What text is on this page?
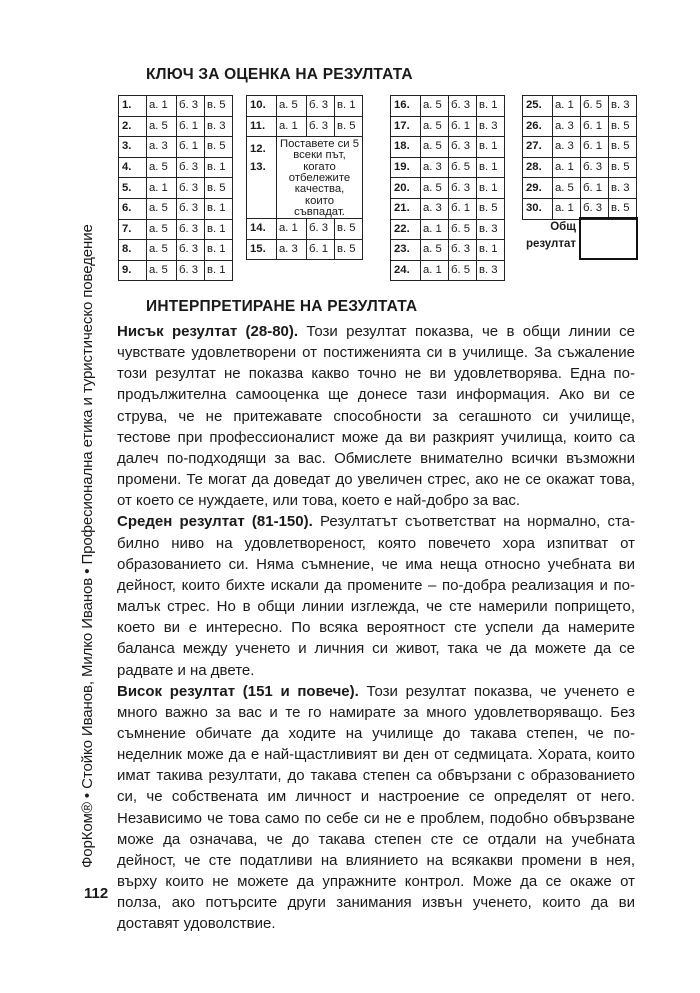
КЛЮЧ ЗА ОЦЕНКА НА РЕЗУЛТАТА
1.	а. 1	б. 3	в. 5
2.	а. 5	б. 1	в. 3
3.	а. 3	б. 1	в. 5
4.	а. 5	б. 3	в. 1
5.	а. 1	б. 3	в. 5
6.	а. 5	б. 3	в. 1
7.	а. 5	б. 3	в. 1
8.	а. 5	б. 3	в. 1
9.	а. 5	б. 3	в. 1
10.	а. 5	б. 3	в. 1	
11.	а. 1	б. 3	в. 5	

12.
13.	Поставете си 5 всеки път, когато отбележите качества, които съвпадат.			

14.	а. 1	б. 3	в. 5	
15.	а. 3	б. 1	в. 5	
16.	а. 5	б. 3	в. 1
17.	а. 5	б. 1	в. 3
18.	а. 5	б. 3	в. 1
19.	а. 3	б. 5	в. 1
20.	а. 5	б. 3	в. 1
21.	а. 3	б. 1	в. 5
22.	а. 1	б. 5	в. 3
23.	а. 5	б. 3	в. 1
24.	а. 1	б. 5	в. 3
25.	а. 1	б. 5	в. 3
26.	а. 3	б. 1	в. 5
27.	а. 3	б. 1	в. 5
28.	а. 1	б. 3	в. 5
29.	а. 5	б. 1	в. 3
30.	а. 1	б. 3	в. 5
Общ
резултат
ИНТЕРПРЕТИРАНЕ НА РЕЗУЛТАТА

Нисък резултат (28-80). Този резултат показва, че в общи линии се чувствате удовлетворени от постиженията си в училище. За съжаление този резултат не показва какво точно не ви удовлетворява. Една по-продължителна самооценка ще донесе тази информация. Ако ви се струва, че не притежавате способности за сегашното си училище, тестове при профессионалист може да ви разкрият училища, които са далеч по-подходящи за вас. Обмислете внимателно всички възможни промени. Те могат да доведат до увеличен стрес, ако не се окажат това, от което се нуждаете, или това, което е най-добро за вас.

Среден резултат (81-150). Резултатът съответстват на нормално, стабилно ниво на удовлетвореност, която повечето хора изпитват от образованието си. Няма съмнение, че има неща относно учебната ви дейност, които бихте искали да промените – по-добра реализация и по-малък стрес. Но в общи линии изглежда, че сте намерили попрището, което ви е интересно. По всяка вероятност сте успели да намерите баланса между ученето и личния си живот, така че да можете да се радвате и на двете.

Висок резултат (151 и повече). Този резултат показва, че ученето е много важно за вас и те го намирате за много удовлетворяващо. Без съмнение обичате да ходите на училище до такава степен, че понеделник може да е най-щастливият ви ден от седмицата. Хората, които имат такива резултати, до такава степен са обвързани с образованието си, че собствената им личност и настроение се определят от него. Независимо че това само по себе си не е проблем, подобно обвързване може да означава, че до такава степен сте се отдали на учебната дейност, че сте податливи на влиянието на всякакви промени в нея, върху които не можете да упражните контрол. Може да се окаже от полза, ако потърсите други занимания извън ученето, които да ви доставят удоволствие.

ФорКом® • Стойко Иванов, Милко Иванов • Професионална етика и туристическо поведение
112
